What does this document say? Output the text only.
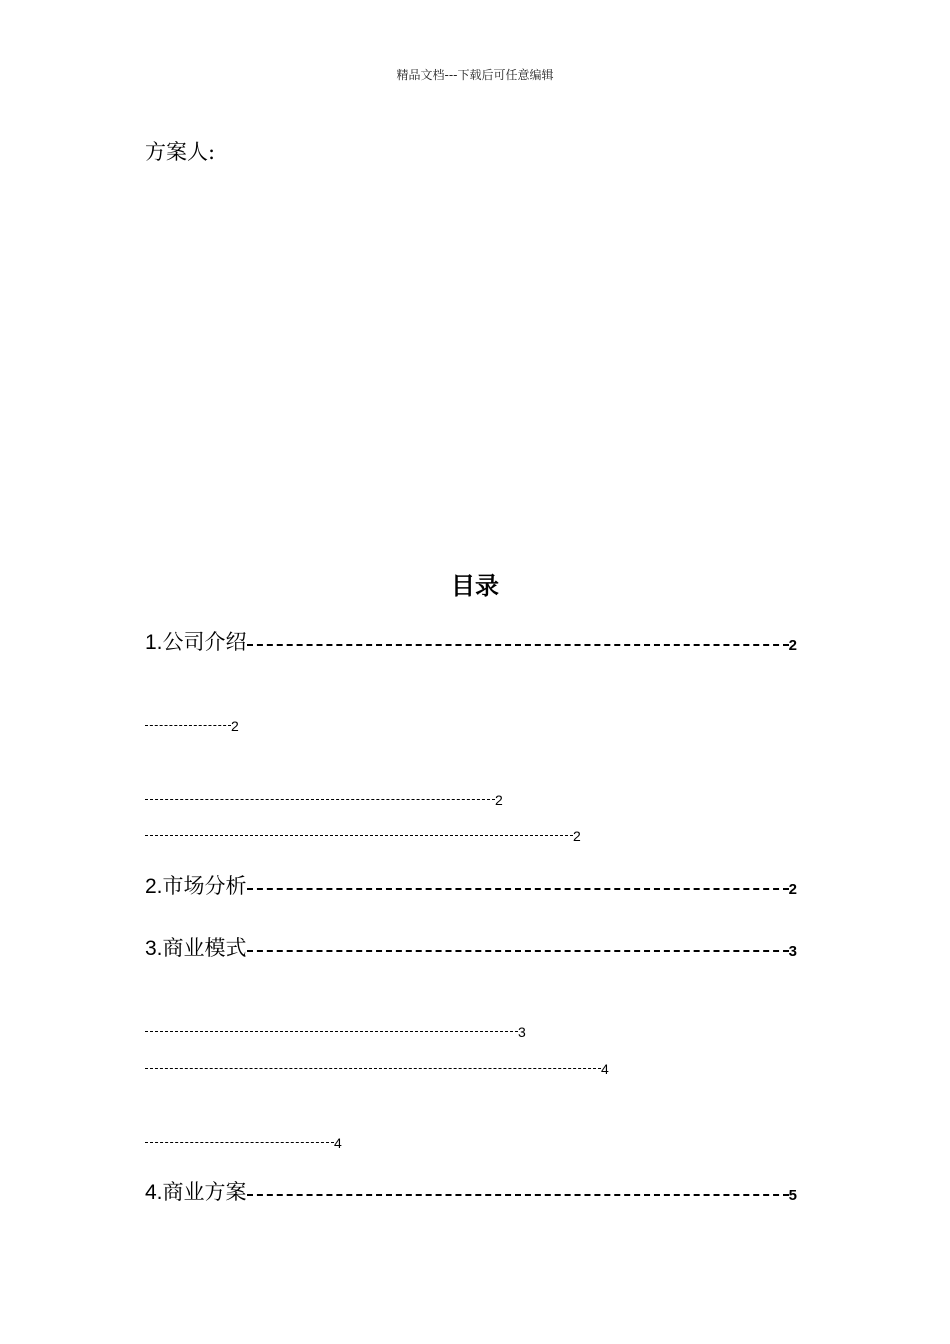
精品文档---下载后可任意编辑
方案人:
目录
1.公司介绍	2
2
2
2
2.市场分析	2
3.商业模式	3
3
4
4
4.商业方案	5
